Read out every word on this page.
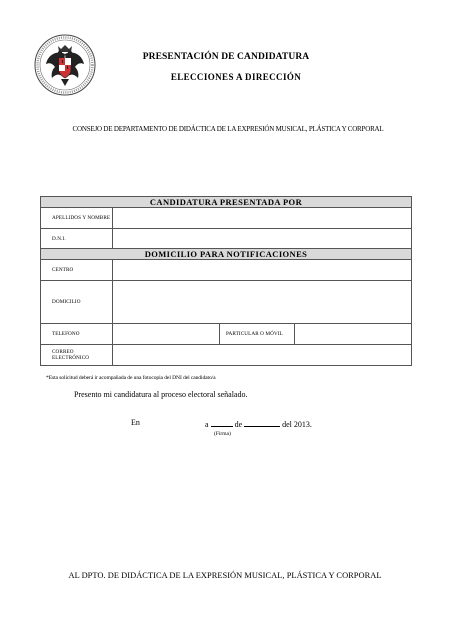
PRESENTACIÓN DE CANDIDATURA
ELECCIONES A DIRECCIÓN
CONSEJO DE DEPARTAMENTO DE DIDÁCTICA DE LA EXPRESIÓN MUSICAL, PLÁSTICA Y CORPORAL
CANDIDATURA PRESENTADA POR			
APELLIDOS Y NOMBRE			
D.N.I.			
DOMICILIO PARA NOTIFICACIONES			
CENTRO			
DOMICILIO			
TELEFONO		PARTICULAR O MÓVIL	
CORREO ELECTRÓNICO			
*Esta solicitud deberá ir acompañada de una fotocopia del DNI del candidato/a
Presento mi candidatura al proceso electoral señalado.
En	a	de	del 2013.
(Firma)
AL DPTO. DE DIDÁCTICA DE LA EXPRESIÓN MUSICAL, PLÁSTICA Y CORPORAL
